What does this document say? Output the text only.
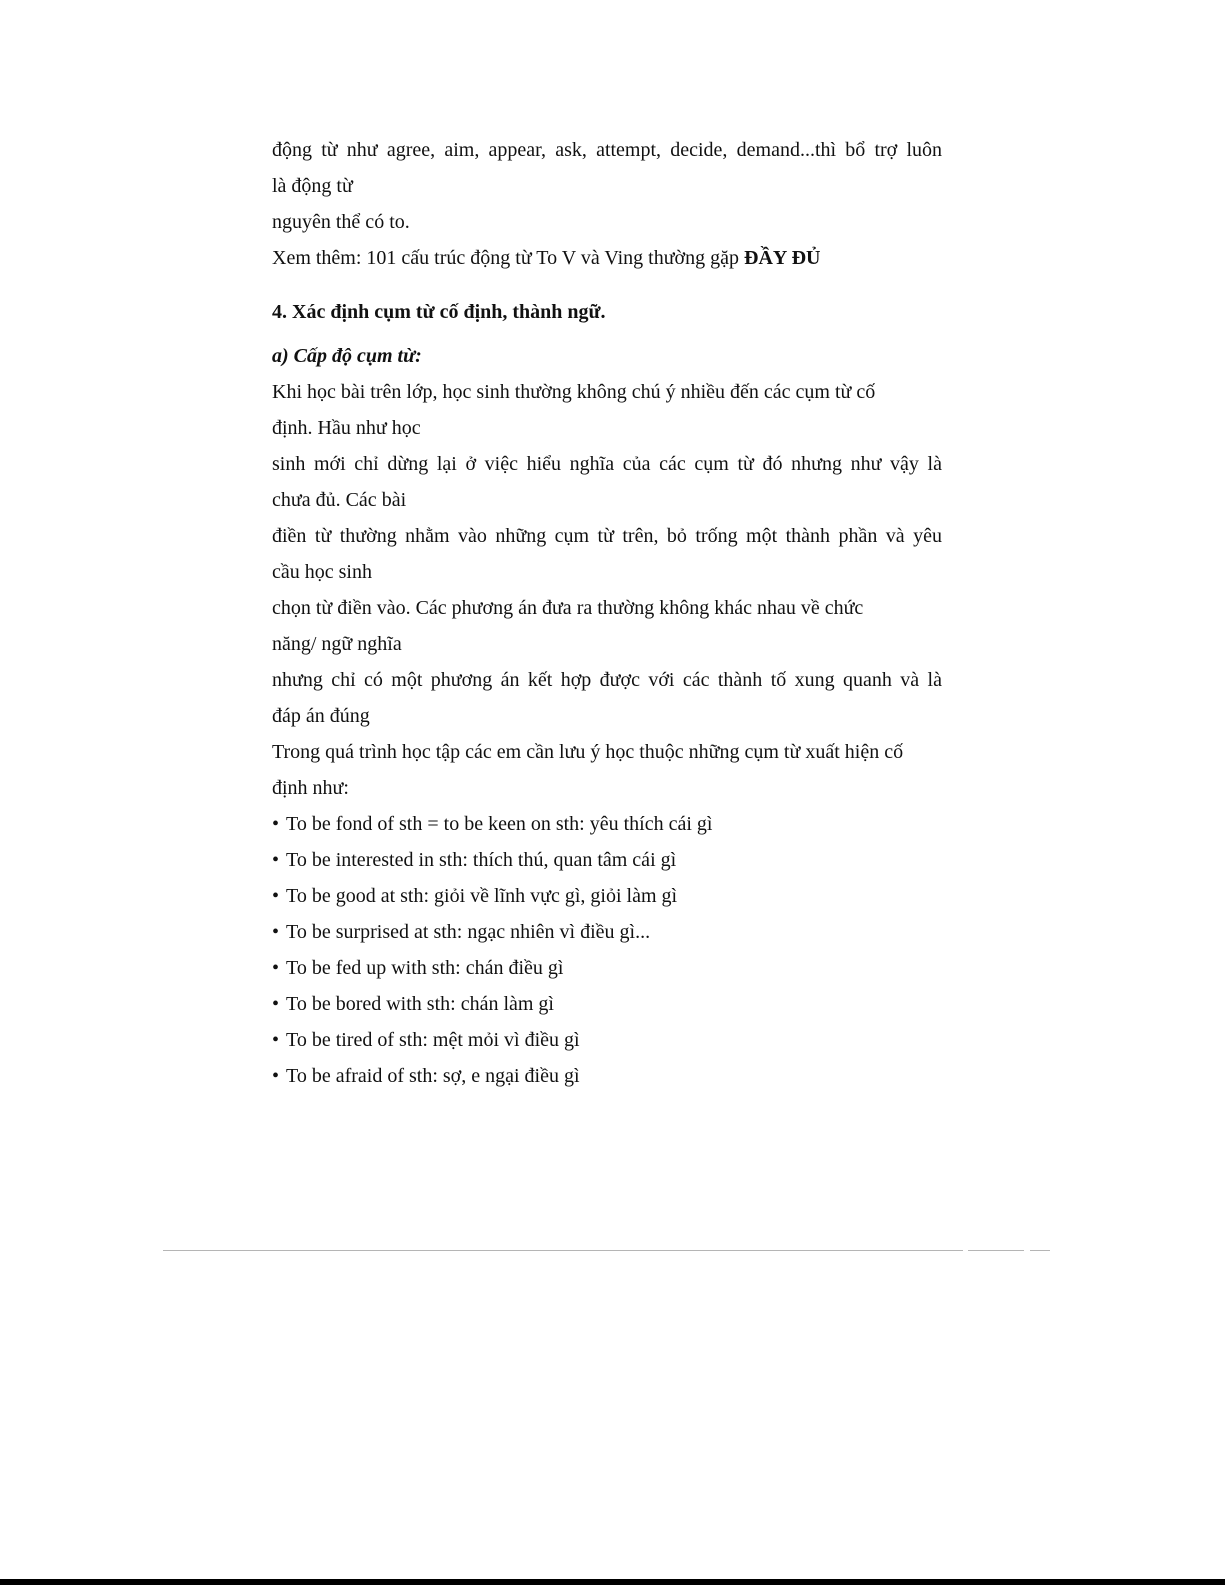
động từ như agree, aim, appear, ask, attempt, decide, demand...thì bổ trợ luôn
là động từ
nguyên thể có to.
Xem thêm: 101 cấu trúc động từ To V và Ving thường gặp ĐẦY ĐỦ
4. Xác định cụm từ cố định, thành ngữ.
a) Cấp độ cụm từ:
Khi học bài trên lớp, học sinh thường không chú ý nhiều đến các cụm từ cố
định. Hầu như học
sinh mới chỉ dừng lại ở việc hiểu nghĩa của các cụm từ đó nhưng như vậy là
chưa đủ. Các bài
điền từ thường nhằm vào những cụm từ trên, bỏ trống một thành phần và yêu
cầu học sinh
chọn từ điền vào. Các phương án đưa ra thường không khác nhau về chức
năng/ ngữ nghĩa
nhưng chỉ có một phương án kết hợp được với các thành tố xung quanh và là
đáp án đúng
Trong quá trình học tập các em cần lưu ý học thuộc những cụm từ xuất hiện cố
định như:
• To be fond of sth = to be keen on sth: yêu thích cái gì
• To be interested in sth: thích thú, quan tâm cái gì
• To be good at sth: giỏi về lĩnh vực gì, giỏi làm gì
• To be surprised at sth: ngạc nhiên vì điều gì...
• To be fed up with sth: chán điều gì
• To be bored with sth: chán làm gì
• To be tired of sth: mệt mỏi vì điều gì
• To be afraid of sth: sợ, e ngại điều gì
